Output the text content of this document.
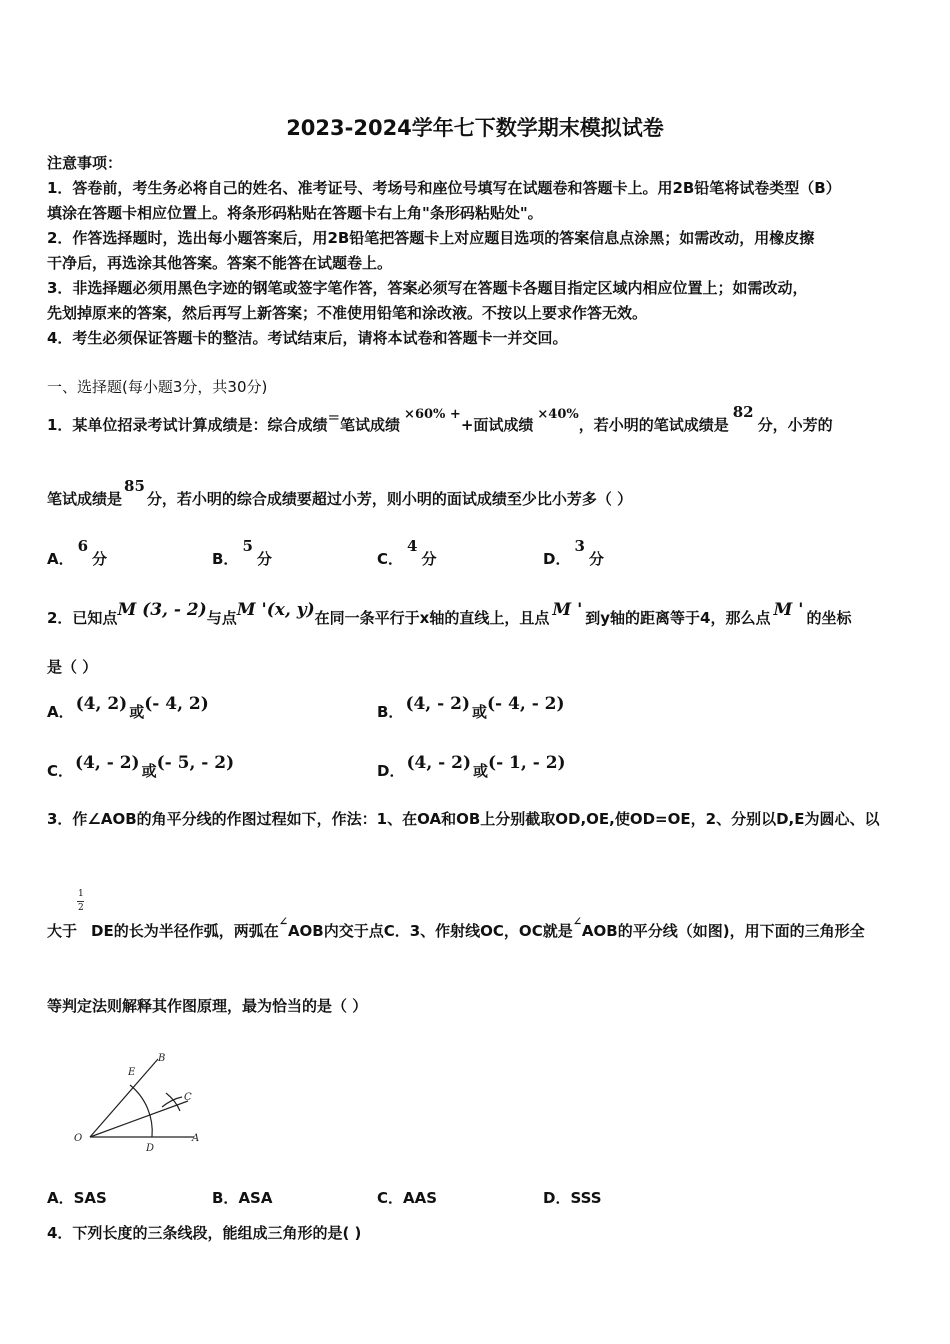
2023-2024学年七下数学期末模拟试卷
注意事项：
1．答卷前，考生务必将自己的姓名、准考证号、考场号和座位号填写在试题卷和答题卡上。用2B铅笔将试卷类型（B）
填涂在答题卡相应位置上。将条形码粘贴在答题卡右上角"条形码粘贴处"。
2．作答选择题时，选出每小题答案后，用2B铅笔把答题卡上对应题目选项的答案信息点涂黑；如需改动，用橡皮擦
干净后，再选涂其他答案。答案不能答在试题卷上。
3．非选择题必须用黑色字迹的钢笔或签字笔作答，答案必须写在答题卡各题目指定区域内相应位置上；如需改动，
先划掉原来的答案，然后再写上新答案；不准使用铅笔和涂改液。不按以上要求作答无效。
4．考生必须保证答题卡的整洁。考试结束后，请将本试卷和答题卡一并交回。
一、选择题(每小题3分，共30分)
1．某单位招录考试计算成绩是：综合成绩=笔试成绩×60% ++面试成绩×40%，若小明的笔试成绩是82分，小芳的
笔试成绩是85分，若小明的综合成绩要超过小芳，则小明的面试成绩至少比小芳多（ ）
A．6分	B．5分	C．4分	D．3分
2．已知点M (3, - 2)与点M '(x, y)在同一条平行于x轴的直线上，且点 M ' 到y轴的距离等于4，那么点 M ' 的坐标
是（ ）
A． (4, 2) 或(- 4, 2)	B． (4, - 2) 或(- 4, - 2)
C． (4, - 2) 或(- 5, - 2)	D． (4, - 2) 或(- 1, - 2)
3．作∠AOB的角平分线的作图过程如下，作法：1、在OA和OB上分别截取OD,OE,使OD=OE，2、分别以D,E为圆心、以
1
2
大于 DE的长为半径作弧，两弧在∠AOB内交于点C．3、作射线OC，OC就是∠AOB的平分线（如图)，用下面的三角形全
等判定法则解释其作图原理，最为恰当的是（ ）
O	A
B
C
D
E
A．SAS	B．ASA	C．AAS	D．SSS
4．下列长度的三条线段，能组成三角形的是( )
